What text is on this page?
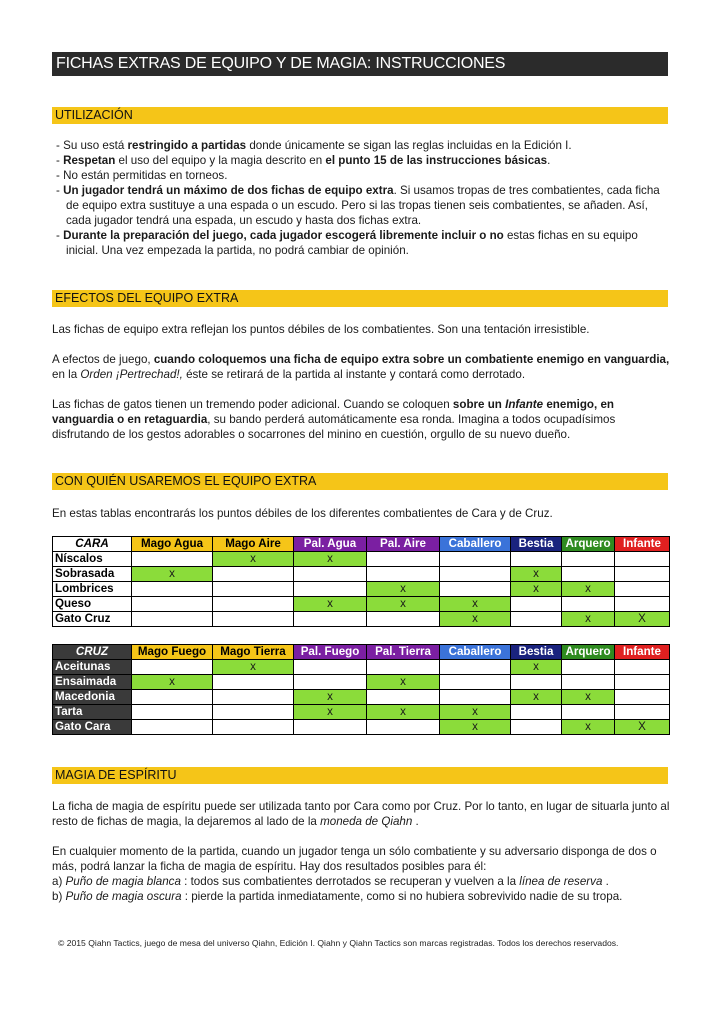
FICHAS EXTRAS DE EQUIPO Y DE MAGIA: INSTRUCCIONES
UTILIZACIÓN
- Su uso está restringido a partidas donde únicamente se sigan las reglas incluidas en la Edición I.
- Respetan el uso del equipo y la magia descrito en el punto 15 de las instrucciones básicas.
- No están permitidas en torneos.
- Un jugador tendrá un máximo de dos fichas de equipo extra. Si usamos tropas de tres combatientes, cada ficha de equipo extra sustituye a una espada o un escudo. Pero si las tropas tienen seis combatientes, se añaden. Así, cada jugador tendrá una espada, un escudo y hasta dos fichas extra.
- Durante la preparación del juego, cada jugador escogerá libremente incluir o no estas fichas en su equipo inicial. Una vez empezada la partida, no podrá cambiar de opinión.
EFECTOS DEL EQUIPO EXTRA

Las fichas de equipo extra reflejan los puntos débiles de los combatientes. Son una tentación irresistible.

A efectos de juego, cuando coloquemos una ficha de equipo extra sobre un combatiente enemigo en vanguardia, en la Orden ¡Pertrechad!, éste se retirará de la partida al instante y contará como derrotado.

Las fichas de gatos tienen un tremendo poder adicional. Cuando se coloquen sobre un Infante enemigo, en vanguardia o en retaguardia, su bando perderá automáticamente esa ronda. Imagina a todos ocupadísimos disfrutando de los gestos adorables o socarrones del minino en cuestión, orgullo de su nuevo dueño.

CON QUIÉN USAREMOS EL EQUIPO EXTRA
En estas tablas encontrarás los puntos débiles de los diferentes combatientes de Cara y de Cruz.
CARA	Mago Agua	Mago Aire	Pal. Agua	Pal. Aire	Caballero	Bestia	Arquero	Infante
Níscalos		x	x					
Sobrasada	x					x		
Lombrices				x		x	x	
Queso			x	x	x			
Gato Cruz					x		x	X
CRUZ	Mago Fuego	Mago Tierra	Pal. Fuego	Pal. Tierra	Caballero	Bestia	Arquero	Infante
Aceitunas		x				x		
Ensaimada	x			x				
Macedonia			x			x	x	
Tarta			x	x	x			
Gato Cara					x		x	X
MAGIA DE ESPÍRITU

La ficha de magia de espíritu puede ser utilizada tanto por Cara como por Cruz. Por lo tanto, en lugar de situarla junto al resto de fichas de magia, la dejaremos al lado de la moneda de Qiahn .

En cualquier momento de la partida, cuando un jugador tenga un sólo combatiente y su adversario disponga de dos o más, podrá lanzar la ficha de magia de espíritu. Hay dos resultados posibles para él:

a) Puño de magia blanca : todos sus combatientes derrotados se recuperan y vuelven a la línea de reserva .

b) Puño de magia oscura : pierde la partida inmediatamente, como si no hubiera sobrevivido nadie de su tropa.

© 2015 Qiahn Tactics, juego de mesa del universo Qiahn, Edición I. Qiahn y Qiahn Tactics son marcas registradas. Todos los derechos reservados.
